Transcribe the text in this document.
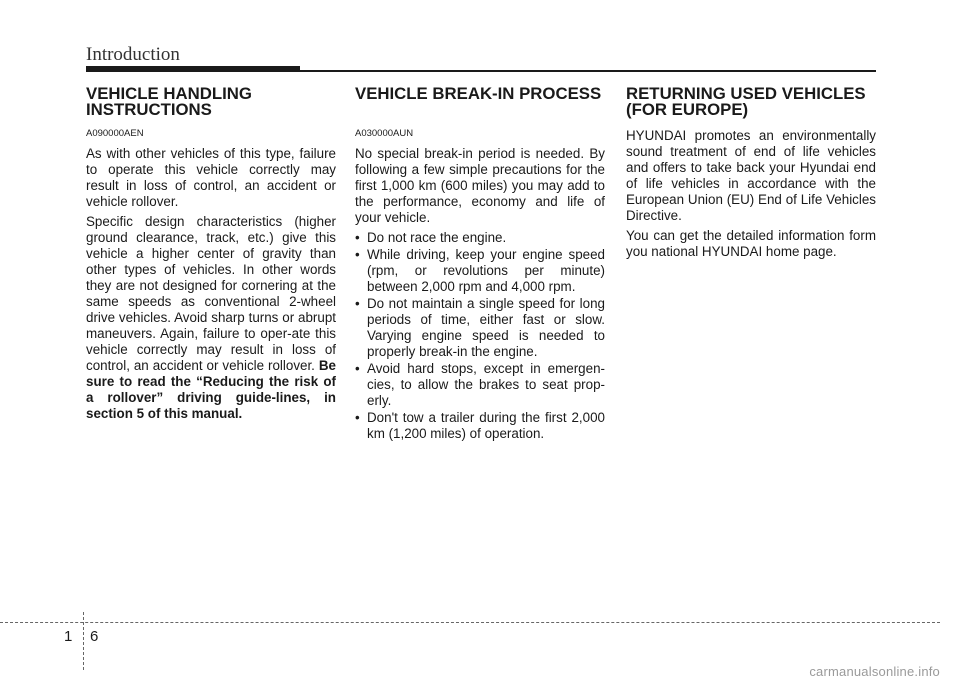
Introduction
VEHICLE HANDLING INSTRUCTIONS
A090000AEN

As with other vehicles of this type, failure to operate this vehicle correctly may result in loss of control, an accident or vehicle rollover.

Specific design characteristics (higher ground clearance, track, etc.) give this vehicle a higher center of gravity than other types of vehicles. In other words they are not designed for cornering at the same speeds as conventional 2-wheel drive vehicles. Avoid sharp turns or abrupt maneuvers. Again, failure to oper-ate this vehicle correctly may result in loss of control, an accident or vehicle rollover. Be sure to read the “Reducing the risk of a rollover” driving guide-lines, in section 5 of this manual.

VEHICLE BREAK-IN PROCESS
A030000AUN

No special break-in period is needed. By following a few simple precautions for the first 1,000 km (600 miles) you may add to the performance, economy and life of your vehicle.

• Do not race the engine.
• While driving, keep your engine speed (rpm, or revolutions per minute) between 2,000 rpm and 4,000 rpm.
• Do not maintain a single speed for long periods of time, either fast or slow. Varying engine speed is needed to properly break-in the engine.
• Avoid hard stops, except in emergen-cies, to allow the brakes to seat prop-erly.
• Don't tow a trailer during the first 2,000 km (1,200 miles) of operation.
RETURNING USED VEHICLES (FOR EUROPE)

HYUNDAI promotes an environmentally sound treatment of end of life vehicles and offers to take back your Hyundai end of life vehicles in accordance with the European Union (EU) End of Life Vehicles Directive.

You can get the detailed information form you national HYUNDAI home page.

1 6
carmanualsonline.info
